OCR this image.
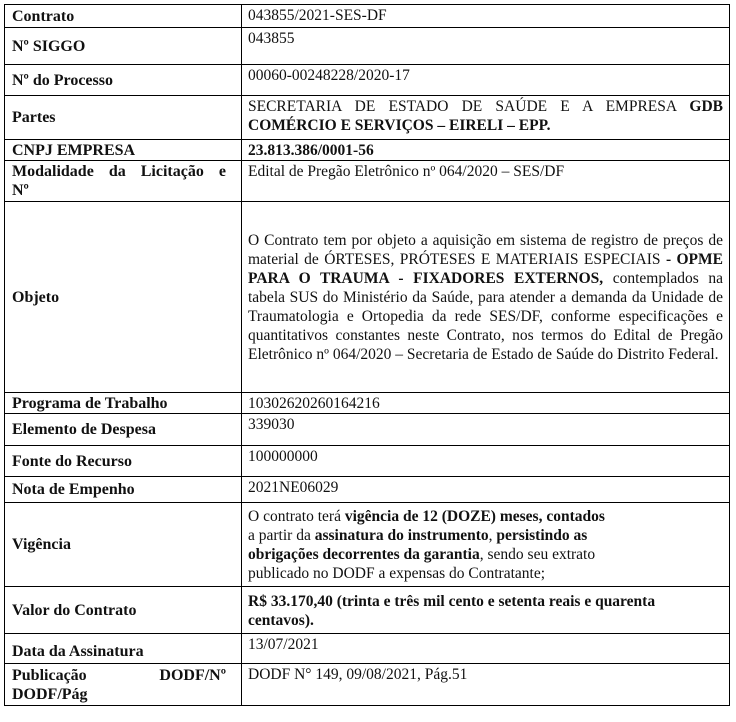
Contrato	043855/2021-SES-DF
Nº SIGGO	043855
Nº do Processo	00060-00248228/2020-17
Partes	SECRETARIA DE ESTADO DE SAÚDE E A EMPRESA GDB COMÉRCIO E SERVIÇOS – EIRELI – EPP.
CNPJ EMPRESA	23.813.386/0001-56

Modalidade da Licitação e
Nº	Edital de Pregão Eletrônico nº 064/2020 – SES/DF
Objeto	O Contrato tem por objeto a aquisição em sistema de registro de preços de material de ÓRTESES, PRÓTESES E MATERIAIS ESPECIAIS - OPME PARA O TRAUMA - FIXADORES EXTERNOS, contemplados na tabela SUS do Ministério da Saúde, para atender a demanda da Unidade de Traumatologia e Ortopedia da rede SES/DF, conforme especificações e quantitativos constantes neste Contrato, nos termos do Edital de Pregão Eletrônico nº 064/2020 – Secretaria de Estado de Saúde do Distrito Federal.
Programa de Trabalho	10302620260164216
Elemento de Despesa	339030
Fonte do Recurso	100000000
Nota de Empenho	2021NE06029
Vigência	O contrato terá vigência de 12 (DOZE) meses, contados
a partir da assinatura do instrumento, persistindo as
obrigações decorrentes da garantia, sendo seu extrato
publicado no DODF a expensas do Contratante;

Valor do Contrato	R$ 33.170,40 (trinta e três mil cento e setenta reais e quarenta centavos).
Data da Assinatura	13/07/2021

Publicação DODF/Nº
DODF/Pág	DODF N° 149, 09/08/2021, Pág.51
